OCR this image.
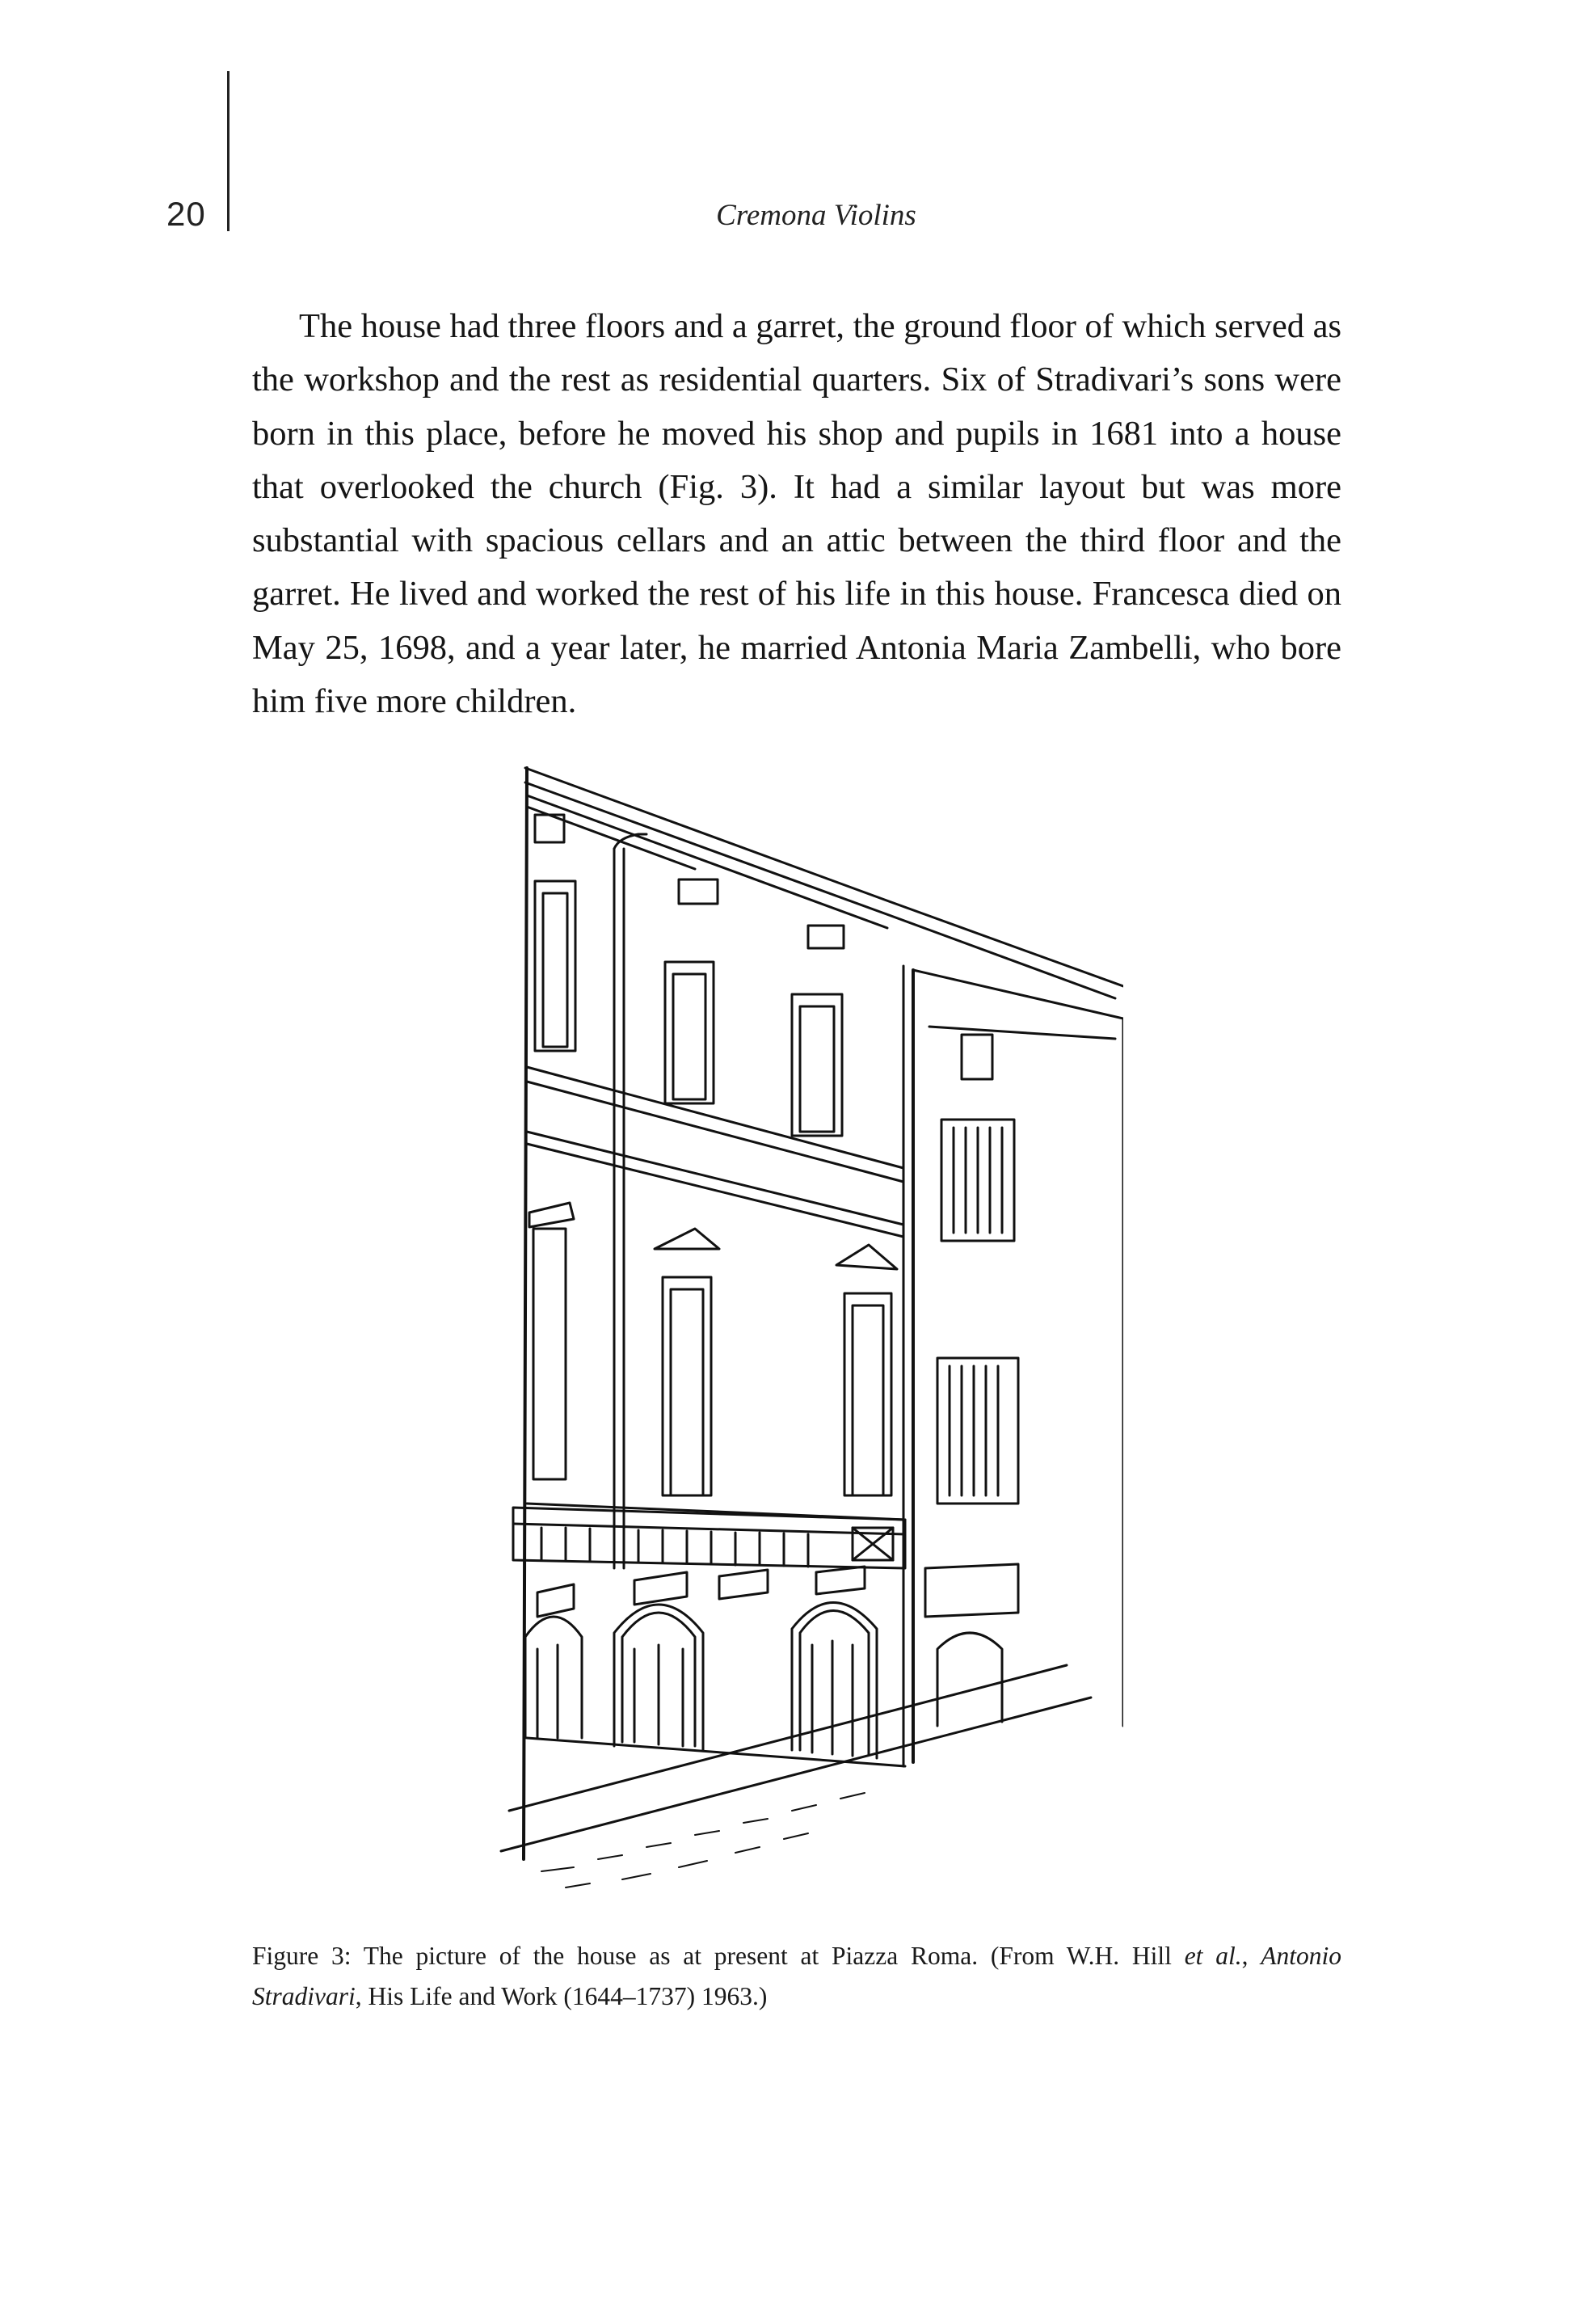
20	Cremona Violins

The house had three floors and a garret, the ground floor of which served as the workshop and the rest as residential quarters. Six of Stradivari’s sons were born in this place, before he moved his shop and pupils in 1681 into a house that overlooked the church (Fig. 3). It had a similar layout but was more substantial with spacious cellars and an attic between the third floor and the garret. He lived and worked the rest of his life in this house. Francesca died on May 25, 1698, and a year later, he married Antonia Maria Zambelli, who bore him five more children.

Figure 3: The picture of the house as at present at Piazza Roma. (From W.H. Hill et al., Antonio Stradivari, His Life and Work (1644–1737) 1963.)
